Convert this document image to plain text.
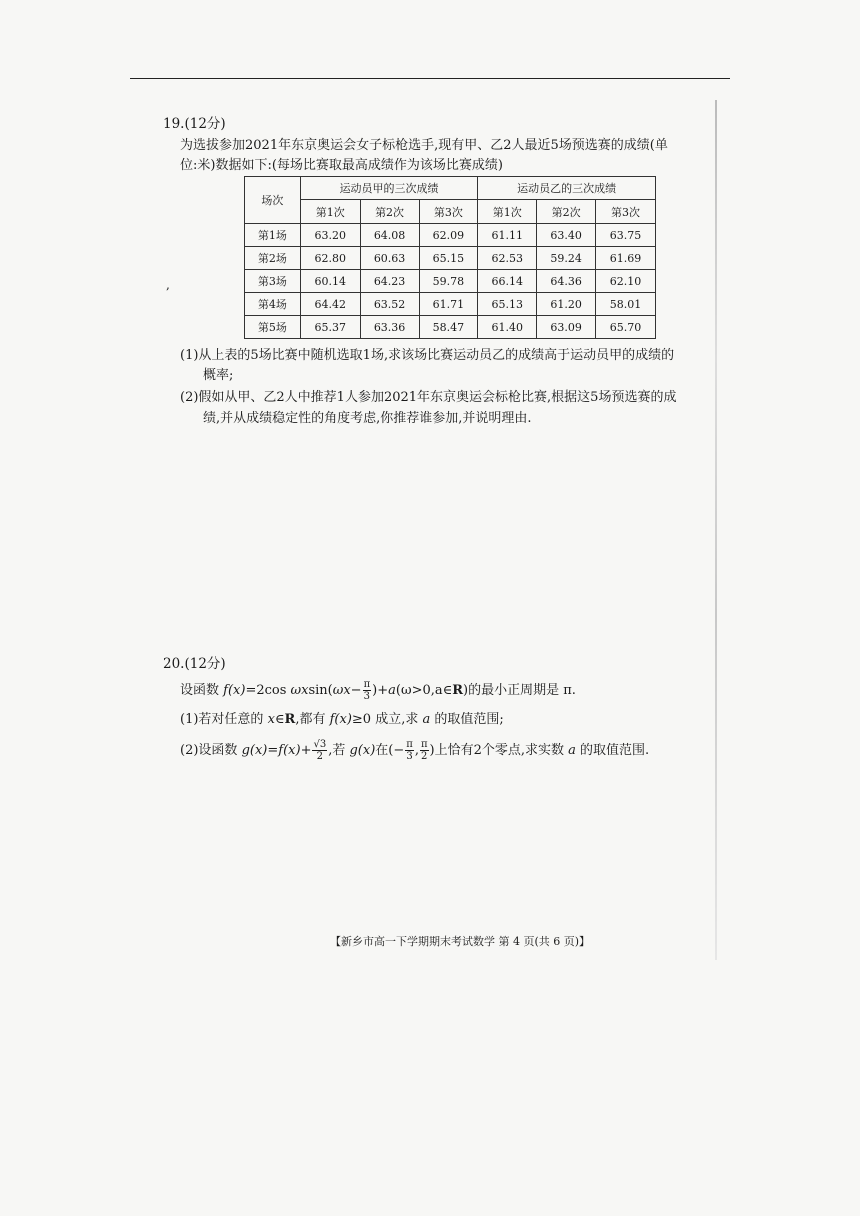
19.(12分)
为选拔参加2021年东京奥运会女子标枪选手,现有甲、乙2人最近5场预选赛的成绩(单
位:米)数据如下:(每场比赛取最高成绩作为该场比赛成绩)
场次	运动员甲的三次成绩			运动员乙的三次成绩		
	第1次	第2次	第3次	第1次	第2次	第3次
第1场	63.20	64.08	62.09	61.11	63.40	63.75
第2场	62.80	60.63	65.15	62.53	59.24	61.69
第3场	60.14	64.23	59.78	66.14	64.36	62.10
第4场	64.42	63.52	61.71	65.13	61.20	58.01
第5场	65.37	63.36	58.47	61.40	63.09	65.70
,
(1)从上表的5场比赛中随机选取1场,求该场比赛运动员乙的成绩高于运动员甲的成绩的
概率;
(2)假如从甲、乙2人中推荐1人参加2021年东京奥运会标枪比赛,根据这5场预选赛的成
绩,并从成绩稳定性的角度考虑,你推荐谁参加,并说明理由.
20.(12分)
设函数 f(x)=2cos $\omega xsin(\omega x- \frac{\pi}{3}$ )+a(ω>0,a∈R)的最小正周期是 π.
(1)若对任意的 x∈R,都有 f(x)≥0 成立,求 a 的取值范围;
(2)设函数 $g(x)=f(x)+ \frac{√3}{2}$ ,若 g(x)在(− $\frac{\pi}{3}$ , $\frac{\pi}{2}$ )上恰有2个零点,求实数 a 的取值范围.
【新乡市高一下学期期末考试数学 第 4 页(共 6 页)】
